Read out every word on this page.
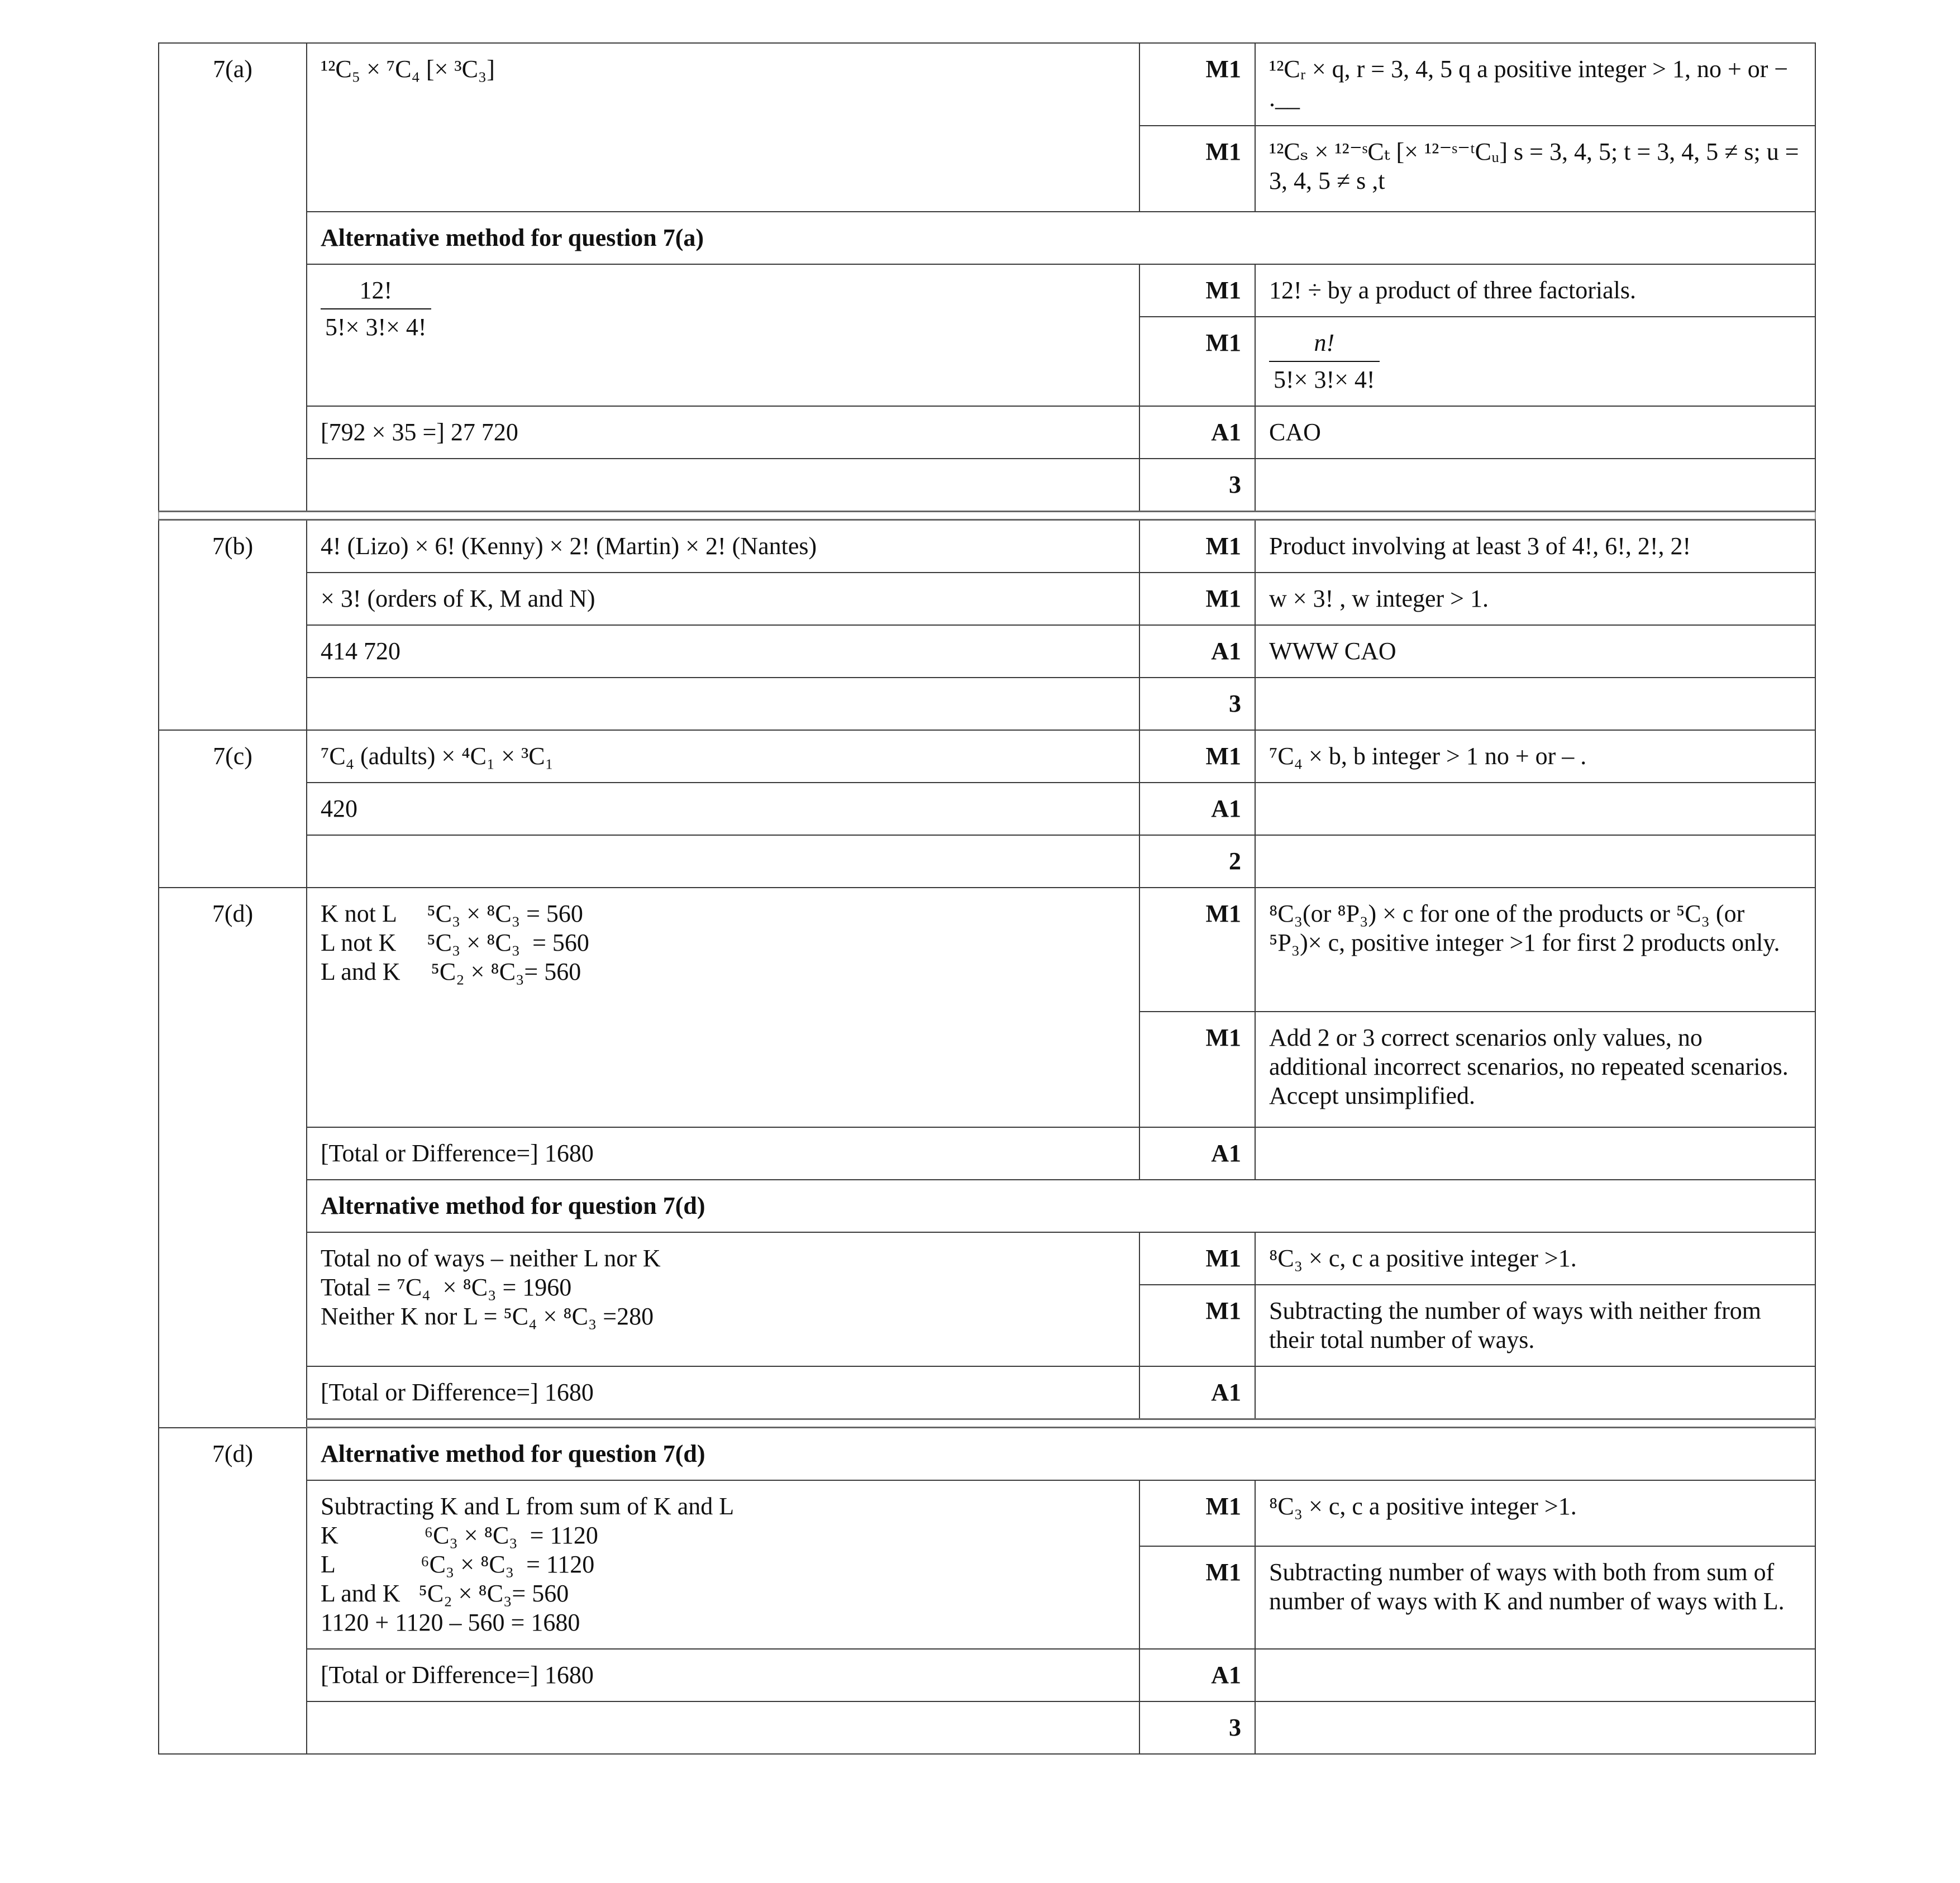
7(a)	¹²C₅ × ⁷C₄ [× ³C₃]	M1	¹²Cᵣ × q, r = 3, 4, 5 q a positive integer > 1, no + or − .__
		M1	¹²Cₛ × ¹²⁻ˢCₜ [× ¹²⁻ˢ⁻ᵗCᵤ] s = 3, 4, 5; t = 3, 4, 5 ≠ s; u = 3, 4, 5 ≠ s ,t
	Alternative method for question 7(a)		

	$\frac{12!}{5!\times 3!\times 4!}$	M1	12! ÷ by a product of three factorials.
		M1	$\frac{n!}{5!\times 3!\times 4!}$

	[792 × 35 =] 27 720	A1	CAO
		3	

7(b)	4! (Lizo) × 6! (Kenny) × 2! (Martin) × 2! (Nantes)	M1	Product involving at least 3 of 4!, 6!, 2!, 2!
	× 3! (orders of K, M and N)	M1	w × 3! , w integer > 1.
	414 720	A1	WWW CAO
		3	
7(c)	⁷C₄ (adults) × ⁴C₁ × ³C₁	M1	⁷C₄ × b, b integer > 1 no + or – .
	420	A1	
		2	
7(d)	K not L     ⁵C₃ × ⁸C₃ = 560
L not K     ⁵C₃ × ⁸C₃  = 560
L and K     ⁵C₂ × ⁸C₃= 560	M1	⁸C₃(or ⁸P₃) × c for one of the products or ⁵C₃ (or ⁵P₃)× c, positive integer >1 for first 2 products only.
		M1	Add 2 or 3 correct scenarios only values, no additional incorrect scenarios, no repeated scenarios. Accept unsimplified.
	[Total or Difference=] 1680	A1	
	Alternative method for question 7(d)		

	Total no of ways – neither L nor K
Total = ⁷C₄  × ⁸C₃ = 1960
Neither K nor L = ⁵C₄ × ⁸C₃ =280	M1	⁸C₃ × c, c a positive integer >1.
		M1	Subtracting the number of ways with neither from their total number of ways.
	[Total or Difference=] 1680	A1	

7(d)	Alternative method for question 7(d)		

	Subtracting K and L from sum of K and L
K              ⁶C₃ × ⁸C₃  = 1120
L              ⁶C₃ × ⁸C₃  = 1120
L and K   ⁵C₂ × ⁸C₃= 560
1120 + 1120 – 560 = 1680	M1	⁸C₃ × c, c a positive integer >1.
		M1	Subtracting number of ways with both from sum of number of ways with K and number of ways with L.
	[Total or Difference=] 1680	A1	
		3	
